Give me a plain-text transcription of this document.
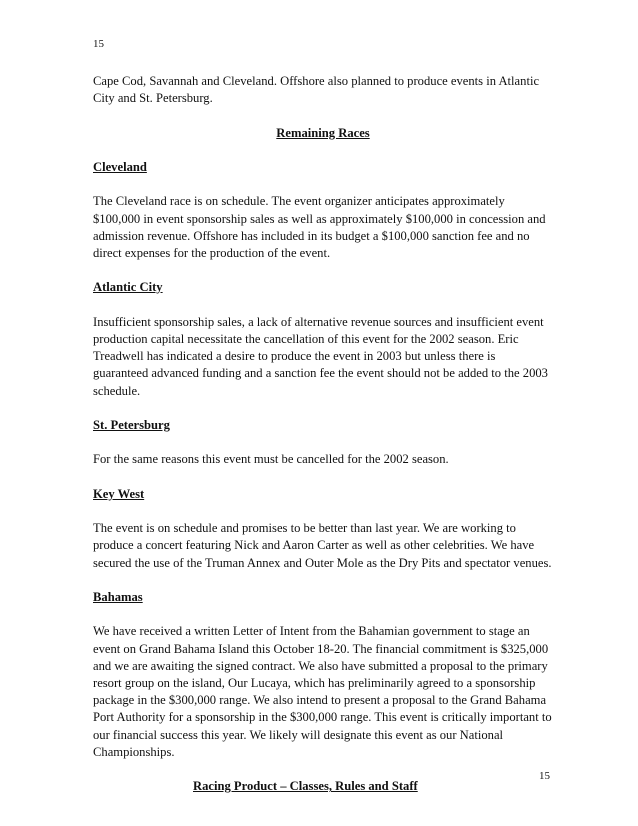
15

Cape Cod, Savannah and Cleveland. Offshore also planned to produce events in Atlantic City and St. Petersburg.

Remaining Races
Cleveland

The Cleveland race is on schedule. The event organizer anticipates approximately $100,000 in event sponsorship sales as well as approximately $100,000 in concession and admission revenue. Offshore has included in its budget a $100,000 sanction fee and no direct expenses for the production of the event.

Atlantic City

Insufficient sponsorship sales, a lack of alternative revenue sources and insufficient event production capital necessitate the cancellation of this event for the 2002 season. Eric Treadwell has indicated a desire to produce the event in 2003 but unless there is guaranteed advanced funding and a sanction fee the event should not be added to the 2003 schedule.

St. Petersburg

For the same reasons this event must be cancelled for the 2002 season.

Key West

The event is on schedule and promises to be better than last year. We are working to produce a concert featuring Nick and Aaron Carter as well as other celebrities. We have secured the use of the Truman Annex and Outer Mole as the Dry Pits and spectator venues.

Bahamas

We have received a written Letter of Intent from the Bahamian government to stage an event on Grand Bahama Island this October 18-20. The financial commitment is $325,000 and we are awaiting the signed contract. We also have submitted a proposal to the primary resort group on the island, Our Lucaya, which has preliminarily agreed to a sponsorship package in the $300,000 range. We also intend to present a proposal to the Grand Bahama Port Authority for a sponsorship in the $300,000 range. This event is critically important to our financial success this year. We likely will designate this event as our National Championships.

Racing Product – Classes, Rules and Staff
15
